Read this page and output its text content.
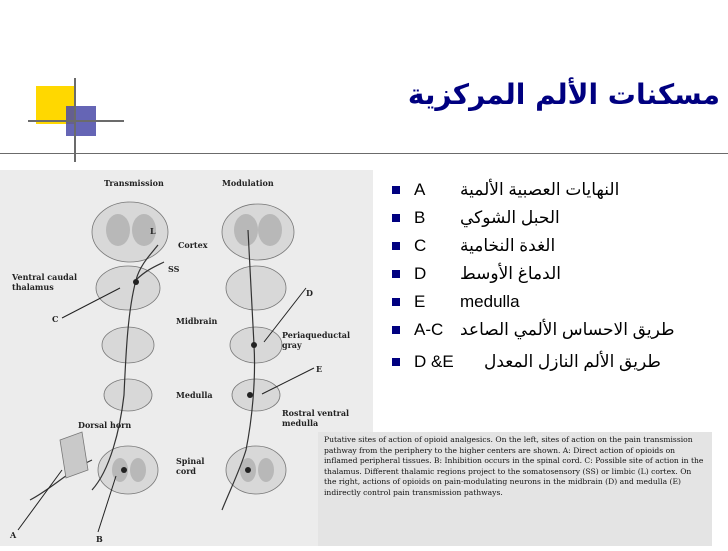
مسكنات الألم المركزية
A النهايات العصبية الألمية
B الحبل الشوكي
C الغدة النخامية
D الدماغ الأوسط
E medulla
A-C طريق الاحساس الألمي الصاعد
D &E طريق الألم النازل المعدل
Transmission	Modulation
L
SS
Cortex
Ventral caudal
thalamus
C
D
Midbrain
Periaqueductal
gray
E
Medulla
Rostral ventral
medulla
Dorsal horn
Spinal
cord
A	B
Putative sites of action of opioid analgesics. On the left, sites of action on the pain transmission pathway from the periphery to the higher centers are shown. A: Direct action of opioids on inflamed peripheral tissues. B: Inhibition occurs in the spinal cord. C: Possible site of action in the thalamus. Different thalamic regions project to the somatosensory (SS) or limbic (L) cortex. On the right, actions of opioids on pain-modulating neurons in the midbrain (D) and medulla (E) indirectly control pain transmission pathways.
